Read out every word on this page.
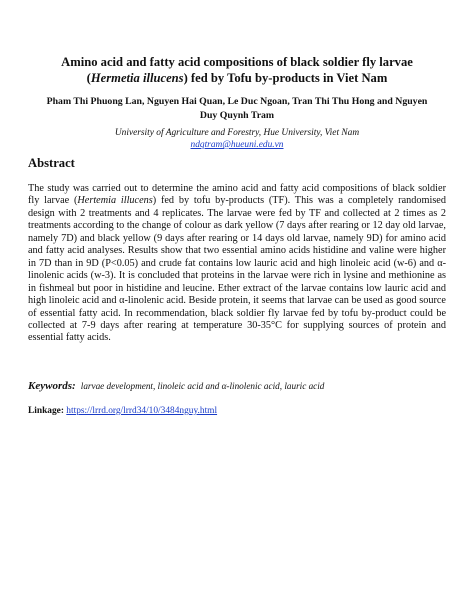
Amino acid and fatty acid compositions of black soldier fly larvae (Hermetia illucens) fed by Tofu by-products in Viet Nam
Pham Thi Phuong Lan, Nguyen Hai Quan, Le Duc Ngoan, Tran Thi Thu Hong and Nguyen Duy Quynh Tram
University of Agriculture and Forestry, Hue University, Viet Nam
ndqtram@hueuni.edu.vn
Abstract
The study was carried out to determine the amino acid and fatty acid compositions of black soldier fly larvae (Hertemia illucens) fed by tofu by-products (TF). This was a completely randomised design with 2 treatments and 4 replicates. The larvae were fed by TF and collected at 2 times as 2 treatments according to the change of colour as dark yellow (7 days after rearing or 12 day old larvae, namely 7D) and black yellow (9 days after rearing or 14 days old larvae, namely 9D) for amino acid and fatty acid analyses. Results show that two essential amino acids histidine and valine were higher in 7D than in 9D (P<0.05) and crude fat contains low lauric acid and high linoleic acid (w-6) and α-linolenic acids (w-3). It is concluded that proteins in the larvae were rich in lysine and methionine as in fishmeal but poor in histidine and leucine. Ether extract of the larvae contains low lauric acid and high linoleic acid and α-linolenic acid. Beside protein, it seems that larvae can be used as good source of essential fatty acid. In recommendation, black soldier fly larvae fed by tofu by-product could be collected at 7-9 days after rearing at temperature 30-35°C for supplying sources of protein and essential fatty acids.
Keywords: larvae development, linoleic acid and α-linolenic acid, lauric acid
Linkage: https://lrrd.org/lrrd34/10/3484nguy.html
